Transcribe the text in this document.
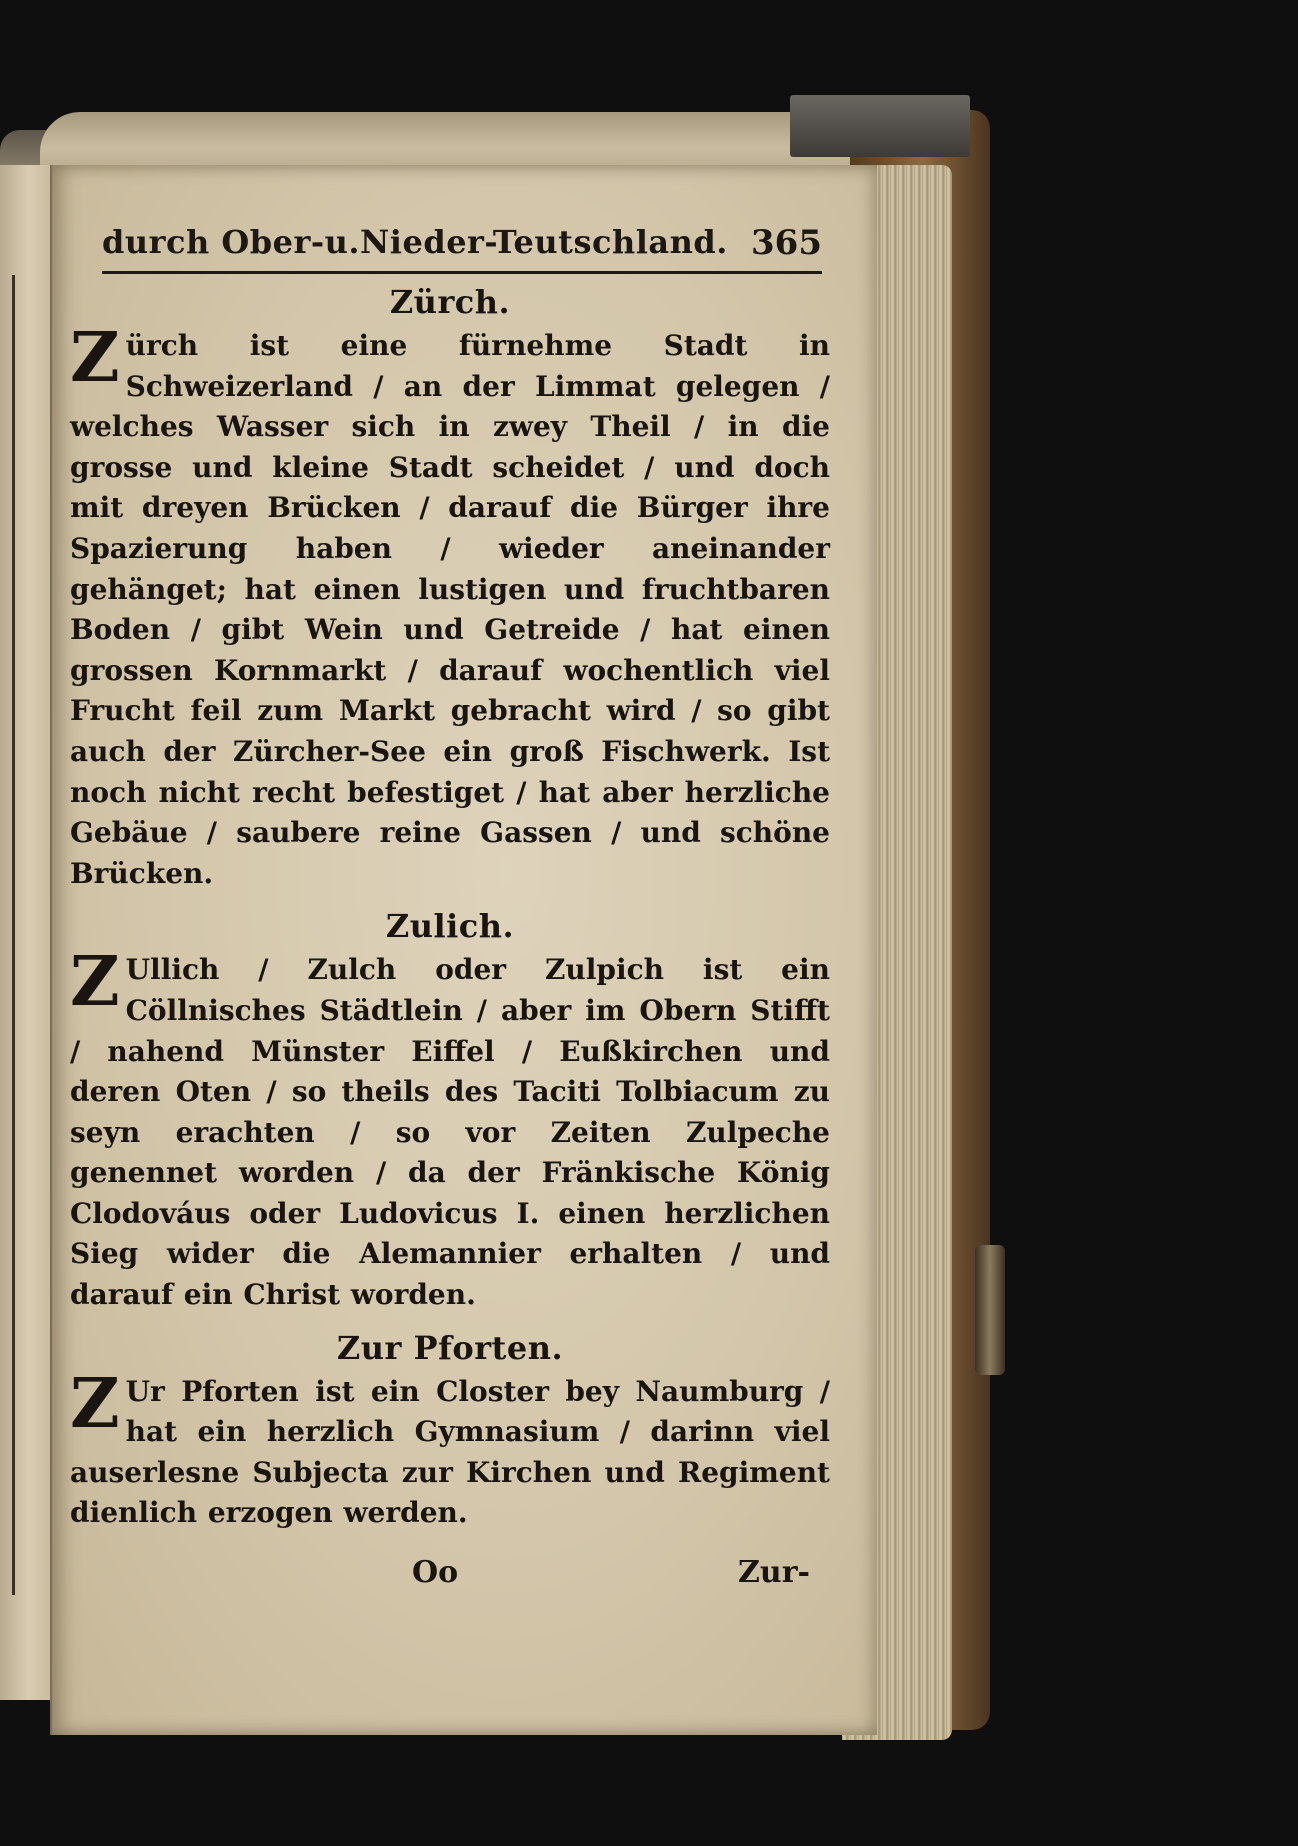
durch Ober-u.Nieder-Teutschland. 365
Zürch.

Zürch ist eine fürnehme Stadt in Schweizerland / an der Limmat gelegen / welches Wasser sich in zwey Theil / in die grosse und kleine Stadt scheidet / und doch mit dreyen Brücken / darauf die Bürger ihre Spazierung haben / wieder aneinander gehänget; hat einen lustigen und fruchtbaren Boden / gibt Wein und Getreide / hat einen grossen Kornmarkt / darauf wochentlich viel Frucht feil zum Markt gebracht wird / so gibt auch der Zürcher-See ein groß Fischwerk. Ist noch nicht recht befestiget / hat aber herzliche Gebäue / saubere reine Gassen / und schöne Brücken.

Zulich.

Z Ullich / Zulch oder Zulpich ist ein Cöllnisches Städtlein / aber im Obern Stifft / nahend Münster Eiffel / Eußkirchen und deren Oten / so theils des Taciti Tolbiacum zu seyn erachten / so vor Zeiten Zulpeche genennet worden / da der Fränkische König Clodováus oder Ludovicus I. einen herzlichen Sieg wider die Alemannier erhalten / und darauf ein Christ worden.

Zur Pforten.

Z Ur Pforten ist ein Closter bey Naumburg / hat ein herzlich Gymnasium / darinn viel auserlesne Subjecta zur Kirchen und Regiment dienlich erzogen werden.

Oo	Zur-
